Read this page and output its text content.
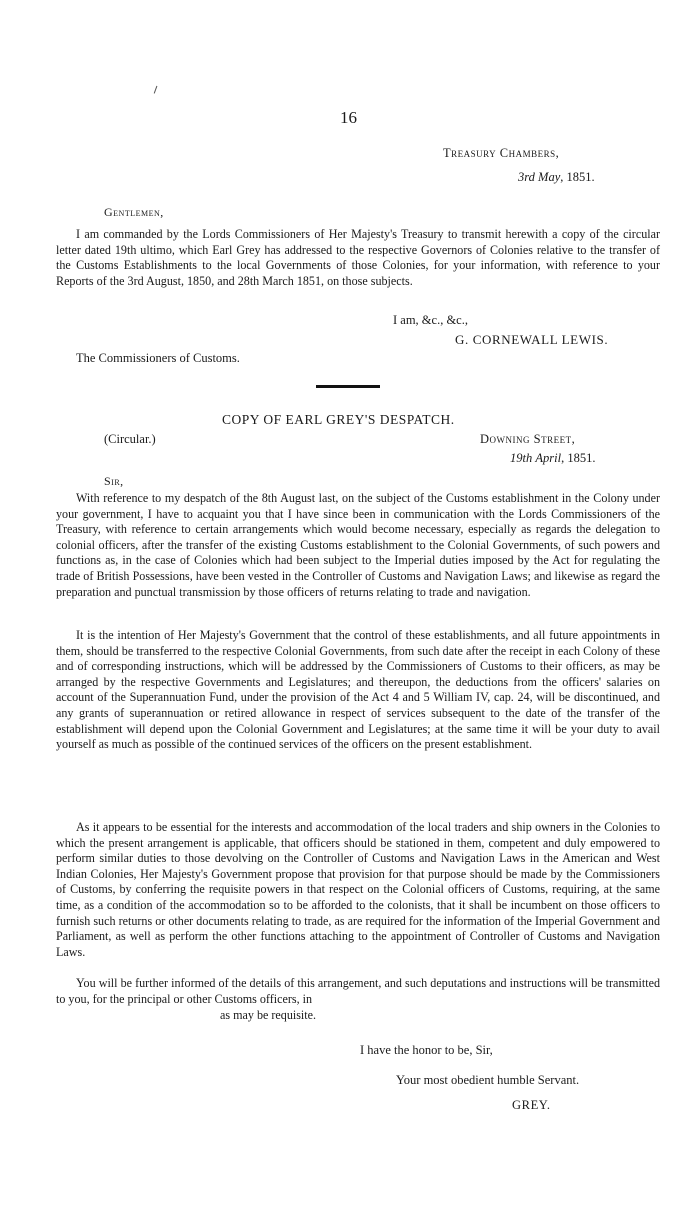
16
Treasury Chambers,
3rd May, 1851.
Gentlemen,

I am commanded by the Lords Commissioners of Her Majesty's Treasury to transmit herewith a copy of the circular letter dated 19th ultimo, which Earl Grey has addressed to the respective Governors of Colonies relative to the transfer of the Customs Establishments to the local Governments of those Colonies, for your information, with reference to your Reports of the 3rd August, 1850, and 28th March 1851, on those subjects.

I am, &c., &c.,
G. CORNEWALL LEWIS.
The Commissioners of Customs.
COPY OF EARL GREY'S DESPATCH.
(Circular.)	Downing Street,
19th April, 1851.
Sir,

With reference to my despatch of the 8th August last, on the subject of the Customs establishment in the Colony under your government, I have to acquaint you that I have since been in communication with the Lords Commissioners of the Treasury, with reference to certain arrangements which would become necessary, especially as regards the delegation to colonial officers, after the transfer of the existing Customs establishment to the Colonial Governments, of such powers and functions as, in the case of Colonies which had been subject to the Imperial duties imposed by the Act for regulating the trade of British Possessions, have been vested in the Controller of Customs and Navigation Laws; and likewise as regard the preparation and punctual transmission by those officers of returns relating to trade and navigation.

It is the intention of Her Majesty's Government that the control of these establishments, and all future appointments in them, should be transferred to the respective Colonial Governments, from such date after the receipt in each Colony of these and of corresponding instructions, which will be addressed by the Commissioners of Customs to their officers, as may be arranged by the respective Governments and Legislatures; and thereupon, the deductions from the officers' salaries on account of the Superannuation Fund, under the provision of the Act 4 and 5 William IV, cap. 24, will be discontinued, and any grants of superannuation or retired allowance in respect of services subsequent to the date of the transfer of the establishment will depend upon the Colonial Government and Legislatures; at the same time it will be your duty to avail yourself as much as possible of the continued services of the officers on the present establishment.

As it appears to be essential for the interests and accommodation of the local traders and ship owners in the Colonies to which the present arrangement is applicable, that officers should be stationed in them, competent and duly empowered to perform similar duties to those devolving on the Controller of Customs and Navigation Laws in the American and West Indian Colonies, Her Majesty's Government propose that provision for that purpose should be made by the Commissioners of Customs, by conferring the requisite powers in that respect on the Colonial officers of Customs, requiring, at the same time, as a condition of the accommodation so to be afforded to the colonists, that it shall be incumbent on those officers to furnish such returns or other documents relating to trade, as are required for the information of the Imperial Government and Parliament, as well as perform the other functions attaching to the appointment of Controller of Customs and Navigation Laws.

You will be further informed of the details of this arrangement, and such deputations and instructions will be transmitted to you, for the principal or other Customs officers, in

as may be requisite.
I have the honor to be, Sir,
Your most obedient humble Servant.
GREY.
